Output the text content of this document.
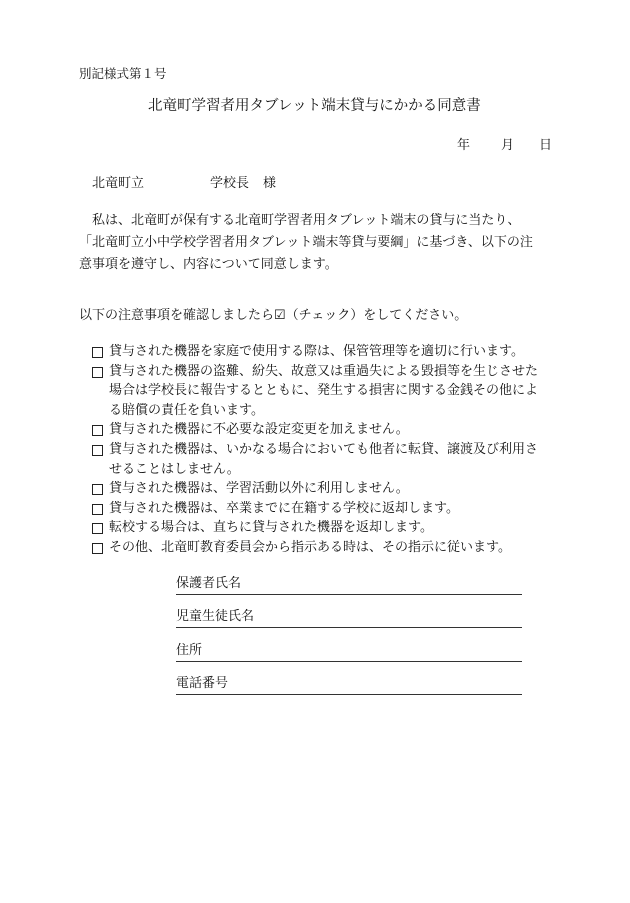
別記様式第１号
北竜町学習者用タブレット端末貸与にかかる同意書
年 月 日
北竜町立	学校長 様
私は、北竜町が保有する北竜町学習者用タブレット端末の貸与に当たり、
「北竜町立小中学校学習者用タブレット端末等貸与要綱」に基づき、以下の注
意事項を遵守し、内容について同意します。
以下の注意事項を確認しましたら☑（チェック）をしてください。
貸与された機器を家庭で使用する際は、保管管理等を適切に行います。
貸与された機器の盗難、紛失、故意又は重過失による毀損等を生じさせた
場合は学校長に報告するとともに、発生する損害に関する金銭その他によ
る賠償の責任を負います。
貸与された機器に不必要な設定変更を加えません。
貸与された機器は、いかなる場合においても他者に転貸、譲渡及び利用さ
せることはしません。
貸与された機器は、学習活動以外に利用しません。
貸与された機器は、卒業までに在籍する学校に返却します。
転校する場合は、直ちに貸与された機器を返却します。
その他、北竜町教育委員会から指示ある時は、その指示に従います。
保護者氏名
児童生徒氏名
住所
電話番号
